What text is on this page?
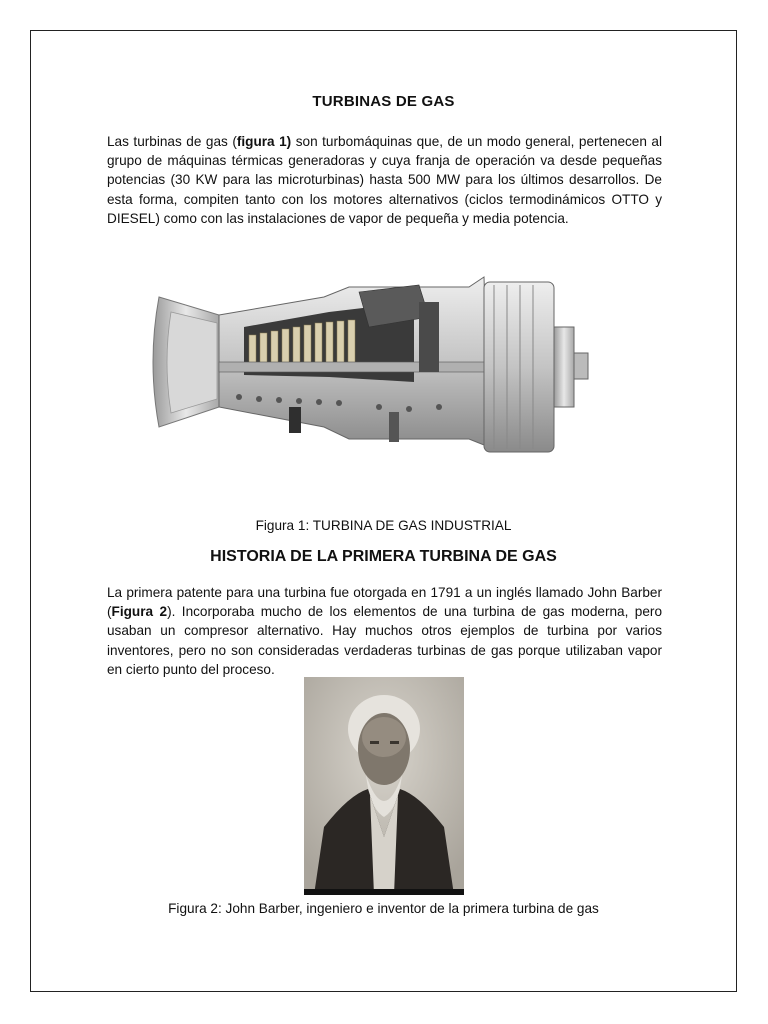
TURBINAS DE GAS
Las turbinas de gas (figura 1) son turbomáquinas que, de un modo general, pertenecen al grupo de máquinas térmicas generadoras y cuya franja de operación va desde pequeñas potencias (30 KW para las microturbinas) hasta 500 MW para los últimos desarrollos. De esta forma, compiten tanto con los motores alternativos (ciclos termodinámicos OTTO y DIESEL) como con las instalaciones de vapor de pequeña y media potencia.
Figura 1: TURBINA DE GAS INDUSTRIAL
HISTORIA DE LA PRIMERA TURBINA DE GAS
La primera patente para una turbina fue otorgada en 1791 a un inglés llamado John Barber (Figura 2). Incorporaba mucho de los elementos de una turbina de gas moderna, pero usaban un compresor alternativo. Hay muchos otros ejemplos de turbina por varios inventores, pero no son consideradas verdaderas turbinas de gas porque utilizaban vapor en cierto punto del proceso.
Figura 2: John Barber, ingeniero e inventor de la primera turbina de gas
